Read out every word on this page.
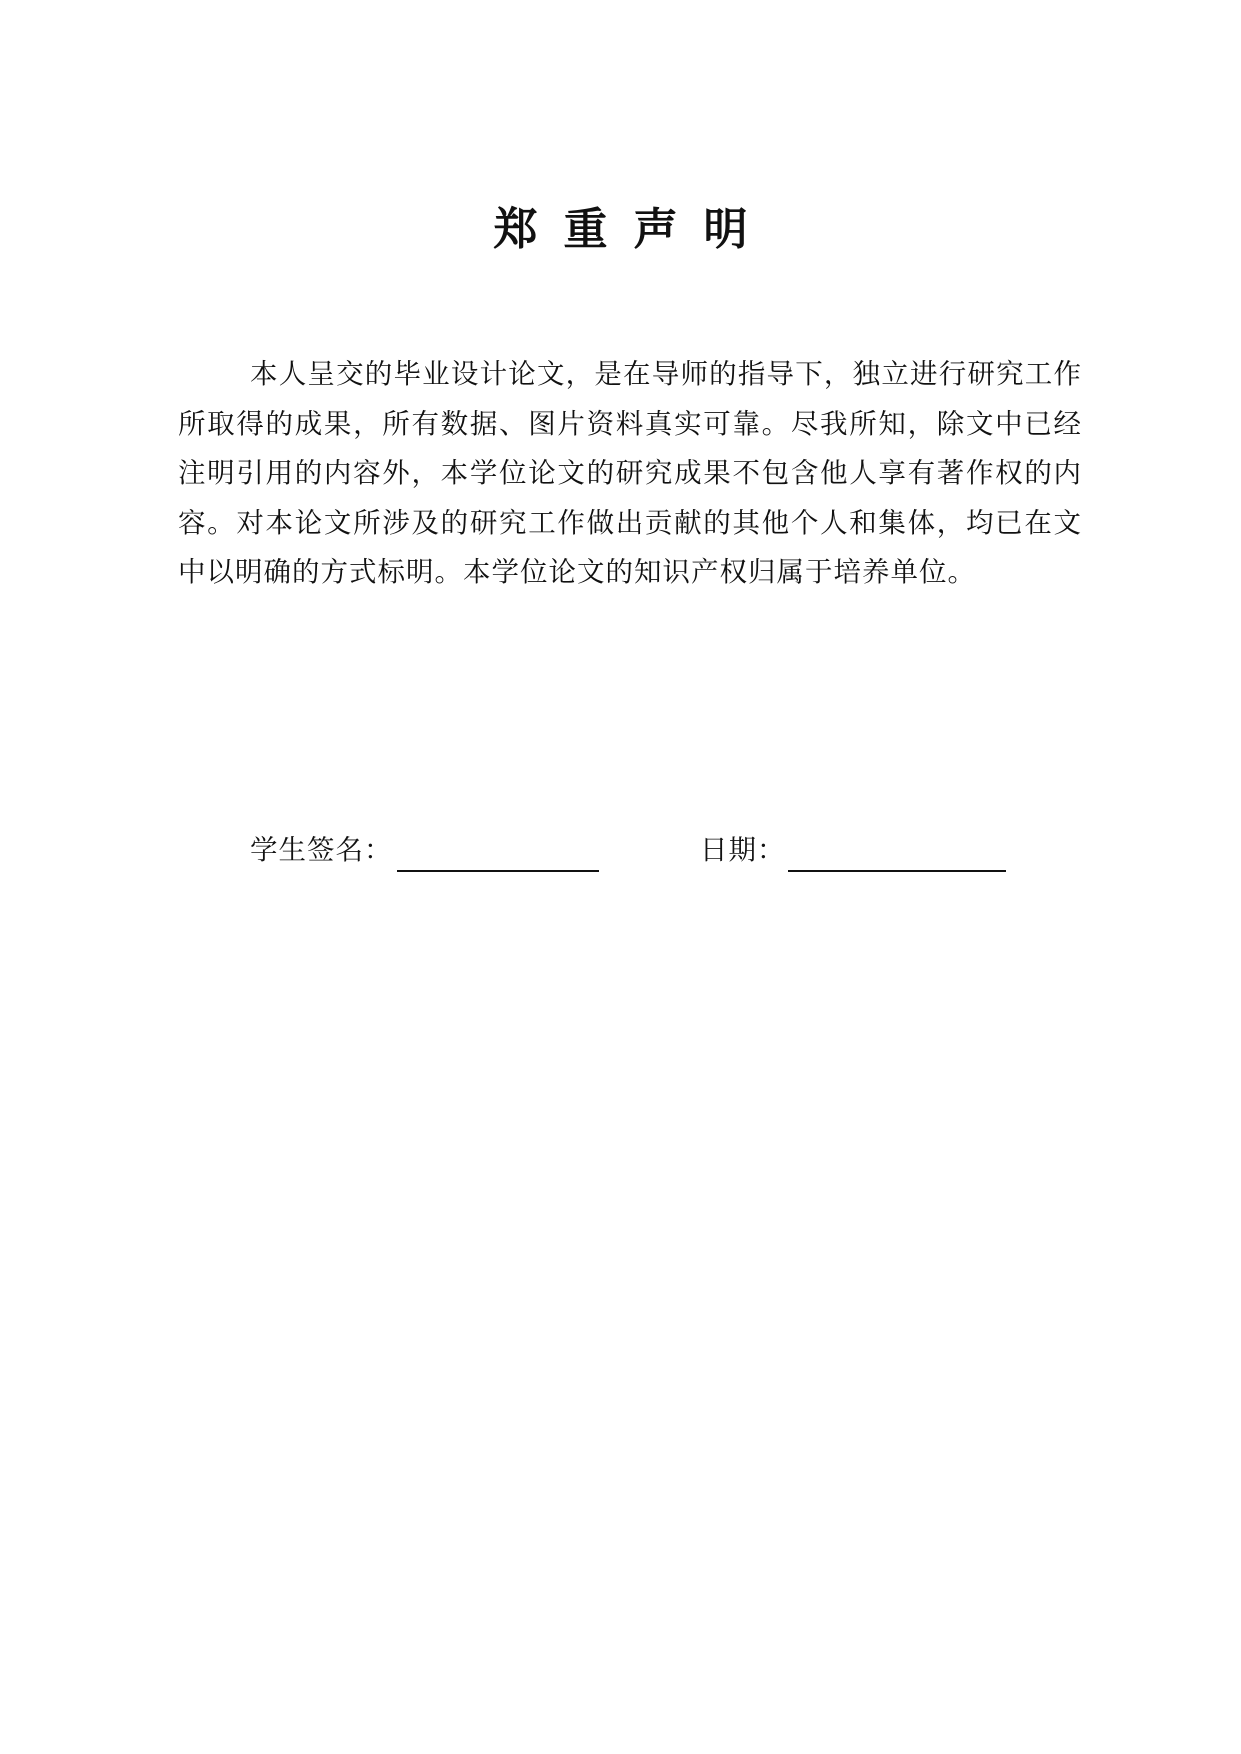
郑重声明

本人呈交的毕业设计论文，是在导师的指导下，独立进行研究工作所取得的成果，所有数据、图片资料真实可靠。尽我所知，除文中已经注明引用的内容外，本学位论文的研究成果不包含他人享有著作权的内容。对本论文所涉及的研究工作做出贡献的其他个人和集体，均已在文中以明确的方式标明。本学位论文的知识产权归属于培养单位。

学生签名：	日期：
